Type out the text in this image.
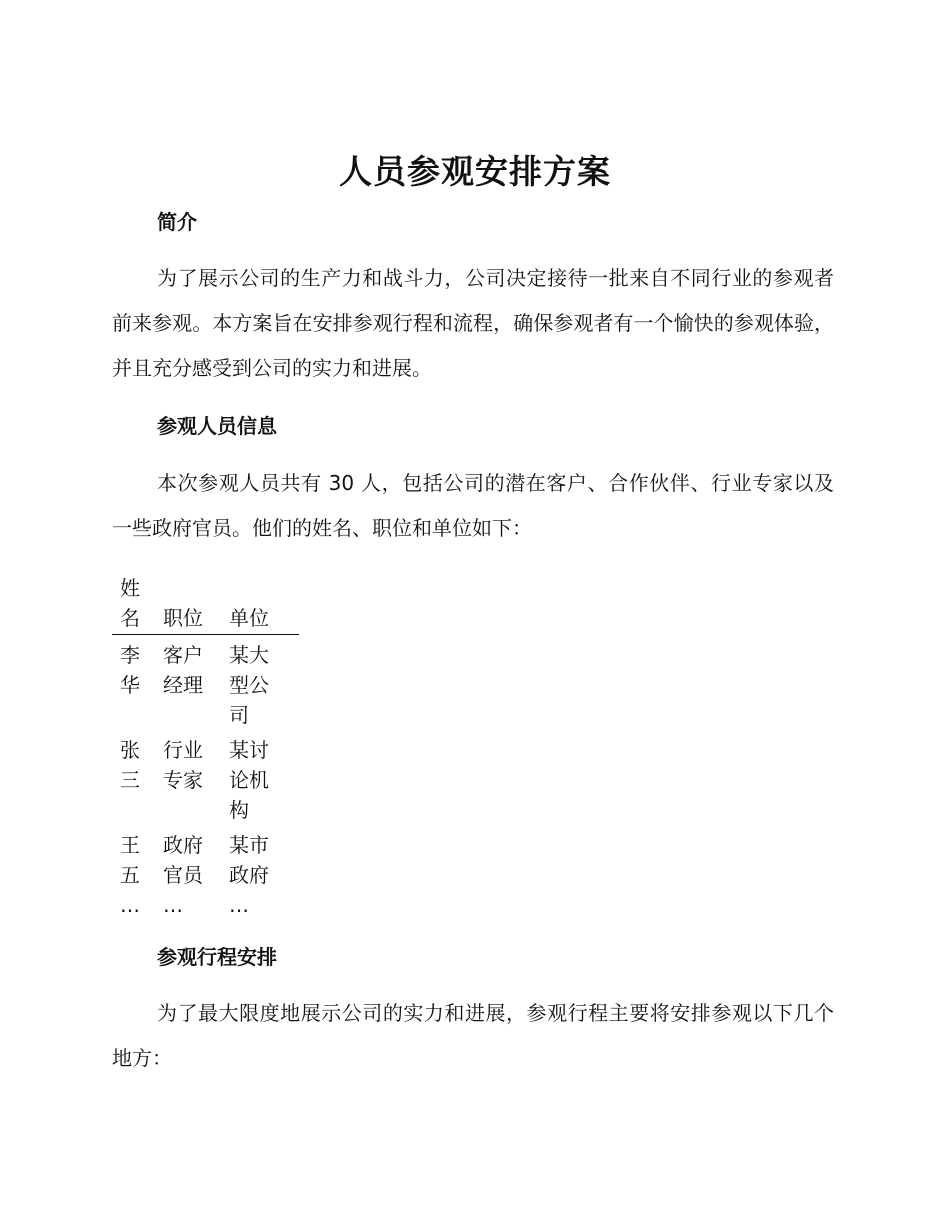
人员参观安排方案
简介
为了展示公司的生产力和战斗力，公司决定接待一批来自不同行业的参观者前来参观。本方案旨在安排参观行程和流程，确保参观者有一个愉快的参观体验，并且充分感受到公司的实力和进展。
参观人员信息
本次参观人员共有 30 人，包括公司的潜在客户、合作伙伴、行业专家以及一些政府官员。他们的姓名、职位和单位如下：
姓名	职位	单位

李华	客户经理	某大型公司

张三	行业专家	某讨论机构

王五	政府官员	某市政府

…	…	…
参观行程安排
为了最大限度地展示公司的实力和进展，参观行程主要将安排参观以下几个地方：
